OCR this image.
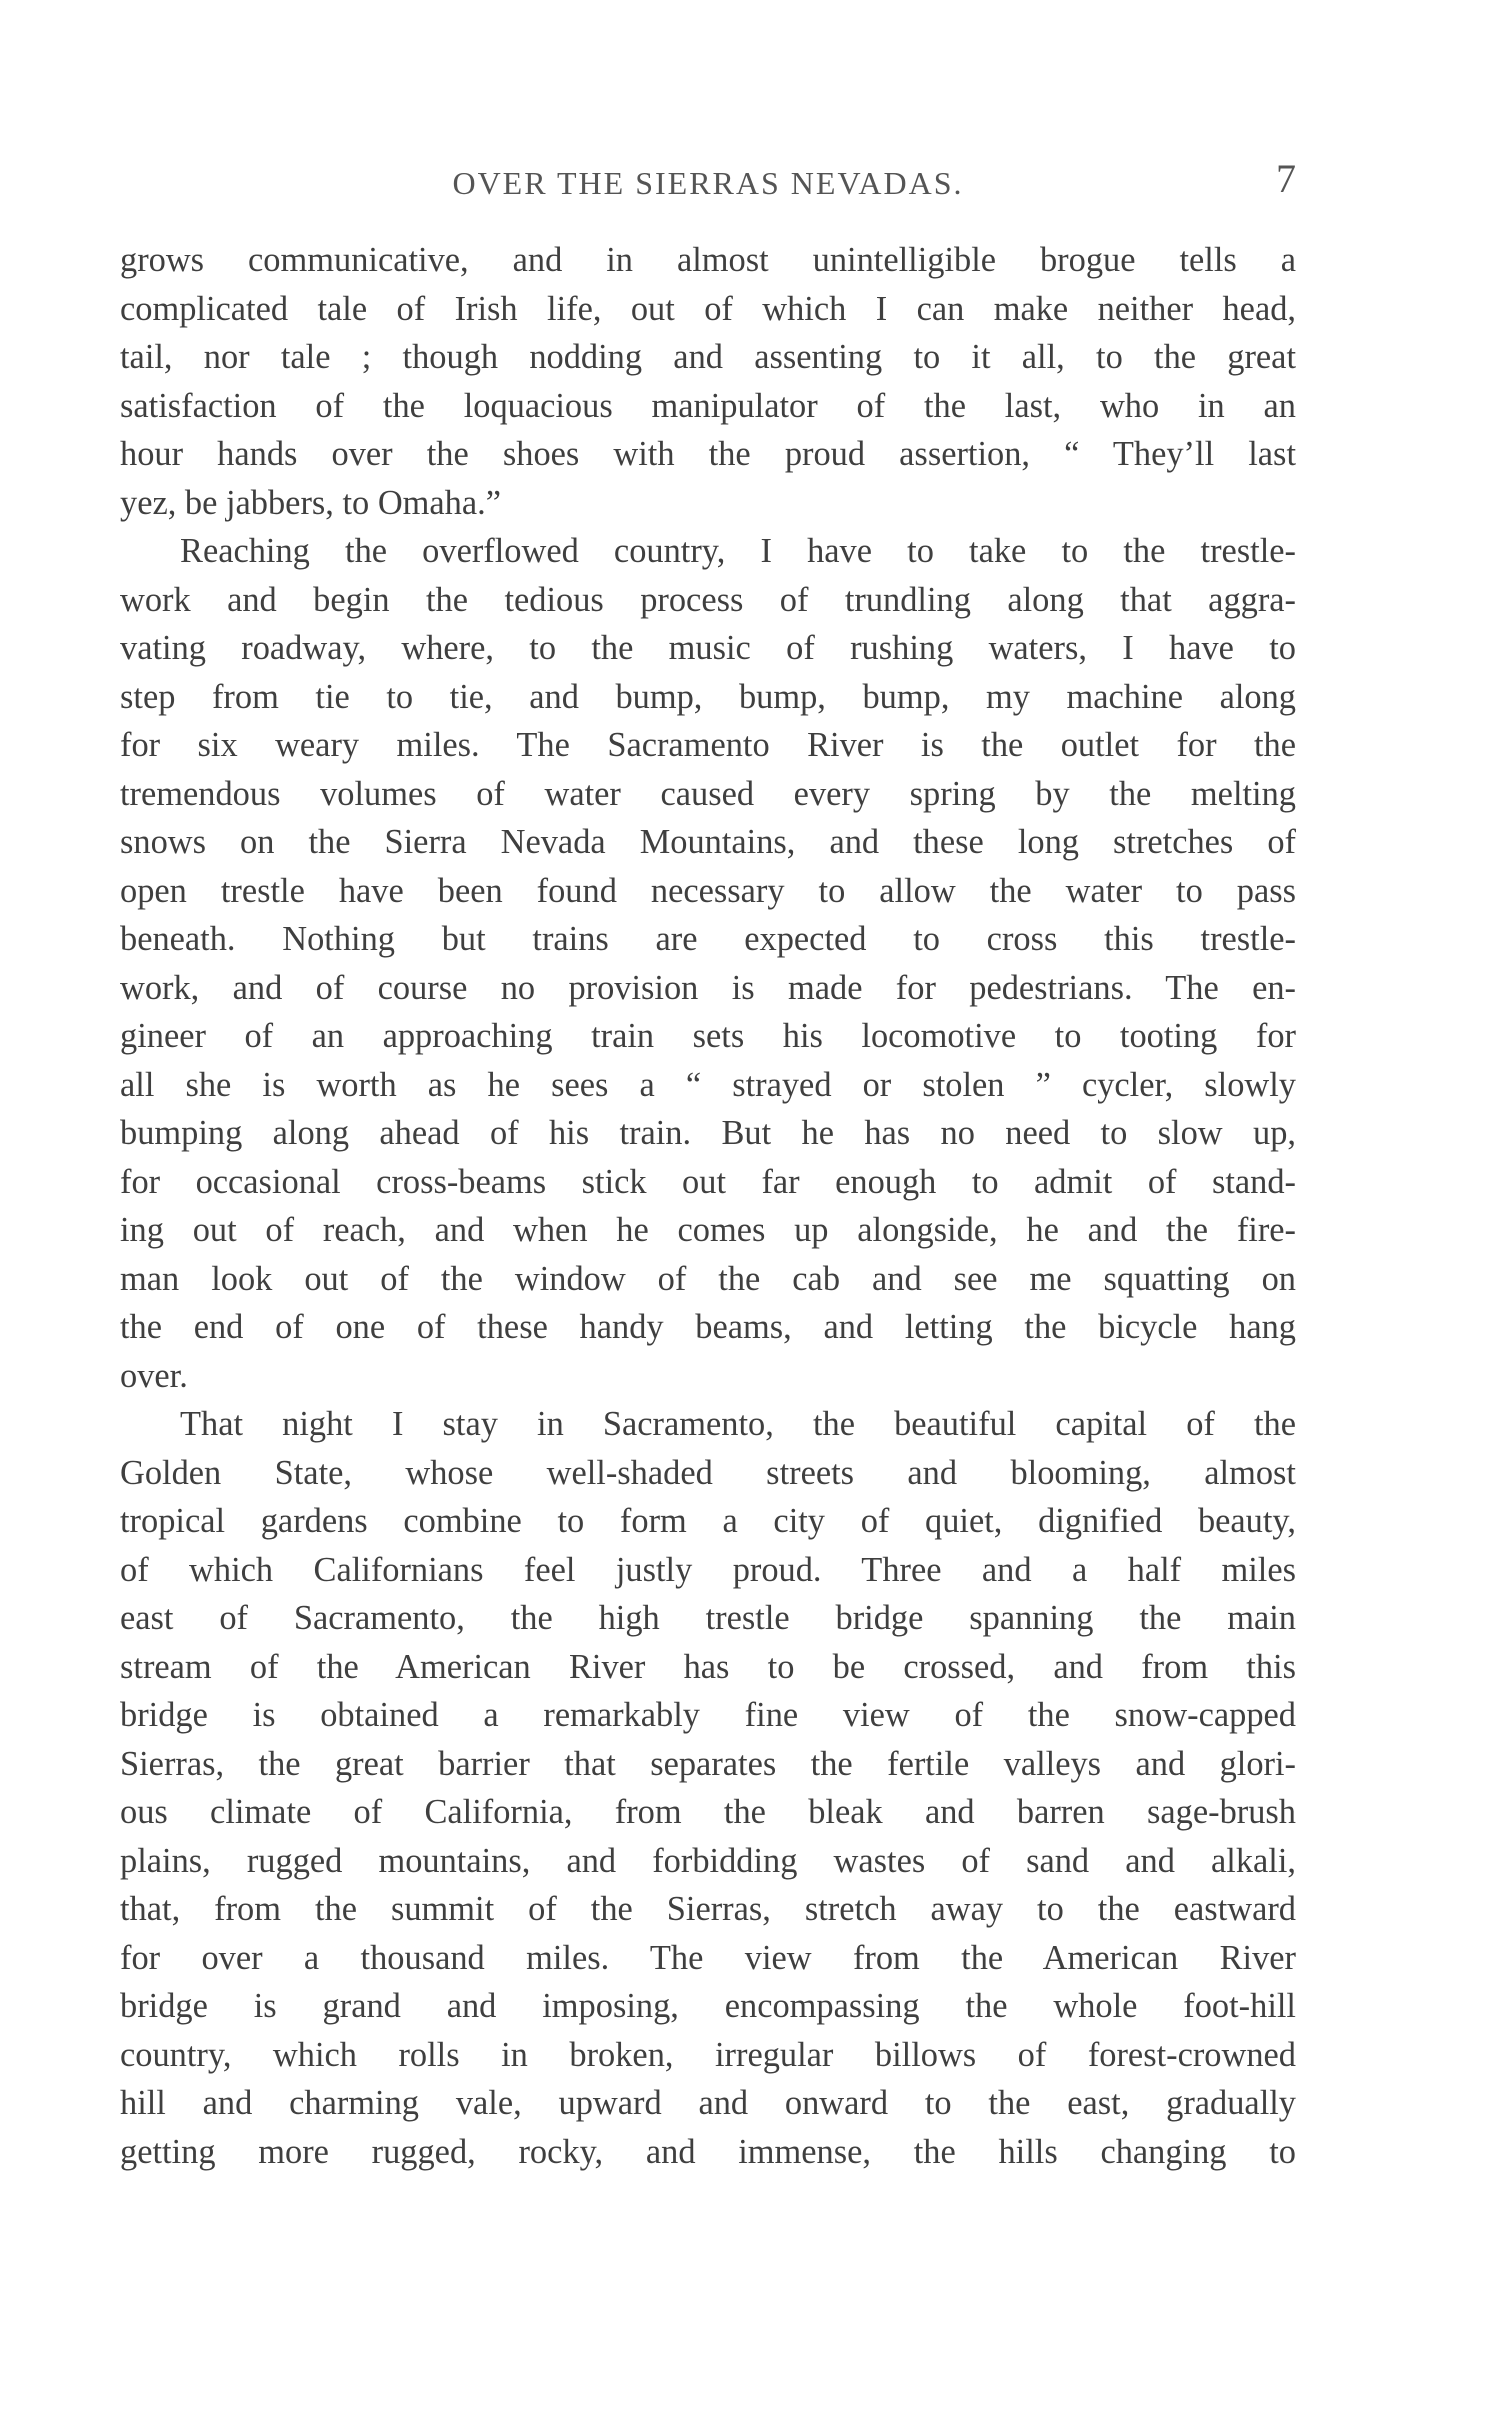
OVER THE SIERRAS NEVADAS.	7
grows communicative, and in almost unintelligible brogue tells a
complicated tale of Irish life, out of which I can make neither head,
tail, nor tale ; though nodding and assenting to it all, to the great
satisfaction of the loquacious manipulator of the last, who in an
hour hands over the shoes with the proud assertion, “ They’ll last
yez, be jabbers, to Omaha.”
Reaching the overflowed country, I have to take to the trestle-
work and begin the tedious process of trundling along that aggra-
vating roadway, where, to the music of rushing waters, I have to
step from tie to tie, and bump, bump, bump, my machine along
for six weary miles. The Sacramento River is the outlet for the
tremendous volumes of water caused every spring by the melting
snows on the Sierra Nevada Mountains, and these long stretches of
open trestle have been found necessary to allow the water to pass
beneath. Nothing but trains are expected to cross this trestle-
work, and of course no provision is made for pedestrians. The en-
gineer of an approaching train sets his locomotive to tooting for
all she is worth as he sees a “ strayed or stolen ” cycler, slowly
bumping along ahead of his train. But he has no need to slow up,
for occasional cross-beams stick out far enough to admit of stand-
ing out of reach, and when he comes up alongside, he and the fire-
man look out of the window of the cab and see me squatting on
the end of one of these handy beams, and letting the bicycle hang
over.
That night I stay in Sacramento, the beautiful capital of the
Golden State, whose well-shaded streets and blooming, almost
tropical gardens combine to form a city of quiet, dignified beauty,
of which Californians feel justly proud. Three and a half miles
east of Sacramento, the high trestle bridge spanning the main
stream of the American River has to be crossed, and from this
bridge is obtained a remarkably fine view of the snow-capped
Sierras, the great barrier that separates the fertile valleys and glori-
ous climate of California, from the bleak and barren sage-brush
plains, rugged mountains, and forbidding wastes of sand and alkali,
that, from the summit of the Sierras, stretch away to the eastward
for over a thousand miles. The view from the American River
bridge is grand and imposing, encompassing the whole foot-hill
country, which rolls in broken, irregular billows of forest-crowned
hill and charming vale, upward and onward to the east, gradually
getting more rugged, rocky, and immense, the hills changing to
